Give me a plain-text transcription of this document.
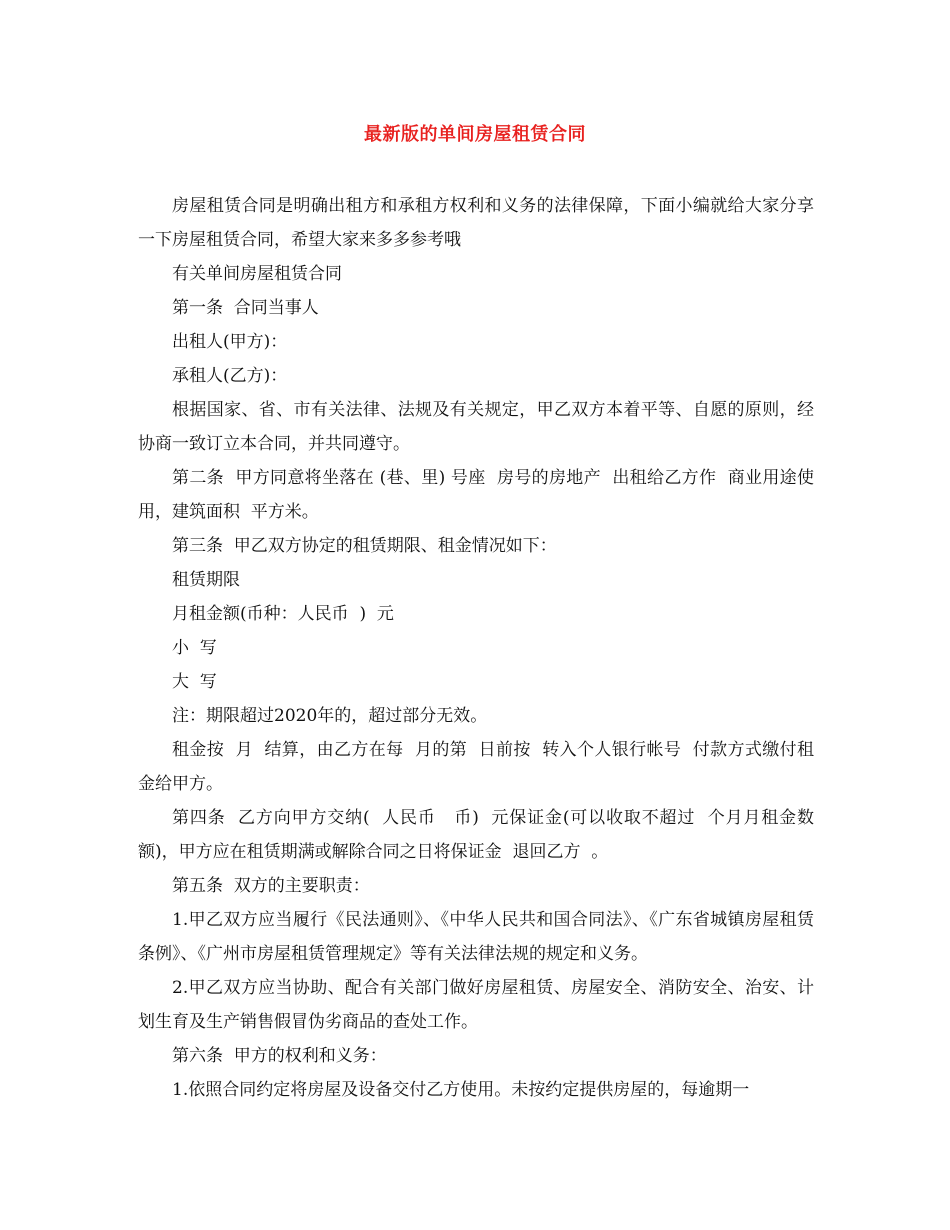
最新版的单间房屋租赁合同

房屋租赁合同是明确出租方和承租方权利和义务的法律保障，下面小编就给大家分享一下房屋租赁合同，希望大家来多多参考哦

有关单间房屋租赁合同

第一条  合同当事人

出租人(甲方)：

承租人(乙方)：

根据国家、省、市有关法律、法规及有关规定，甲乙双方本着平等、自愿的原则，经协商一致订立本合同，并共同遵守。

第二条  甲方同意将坐落在 (巷、里) 号座  房号的房地产  出租给乙方作  商业用途使用，建筑面积  平方米。

第三条  甲乙双方协定的租赁期限、租金情况如下：

租赁期限

月租金额(币种：人民币  )  元

小  写

大  写

注：期限超过2020年的，超过部分无效。

租金按  月  结算，由乙方在每  月的第  日前按  转入个人银行帐号  付款方式缴付租金给甲方。

第四条  乙方向甲方交纳(  人民币   币)  元保证金(可以收取不超过  个月月租金数额)，甲方应在租赁期满或解除合同之日将保证金  退回乙方  。

第五条  双方的主要职责：

1.甲乙双方应当履行《民法通则》、《中华人民共和国合同法》、《广东省城镇房屋租赁条例》、《广州市房屋租赁管理规定》等有关法律法规的规定和义务。

2.甲乙双方应当协助、配合有关部门做好房屋租赁、房屋安全、消防安全、治安、计划生育及生产销售假冒伪劣商品的查处工作。

第六条  甲方的权利和义务：

1.依照合同约定将房屋及设备交付乙方使用。未按约定提供房屋的，每逾期一
